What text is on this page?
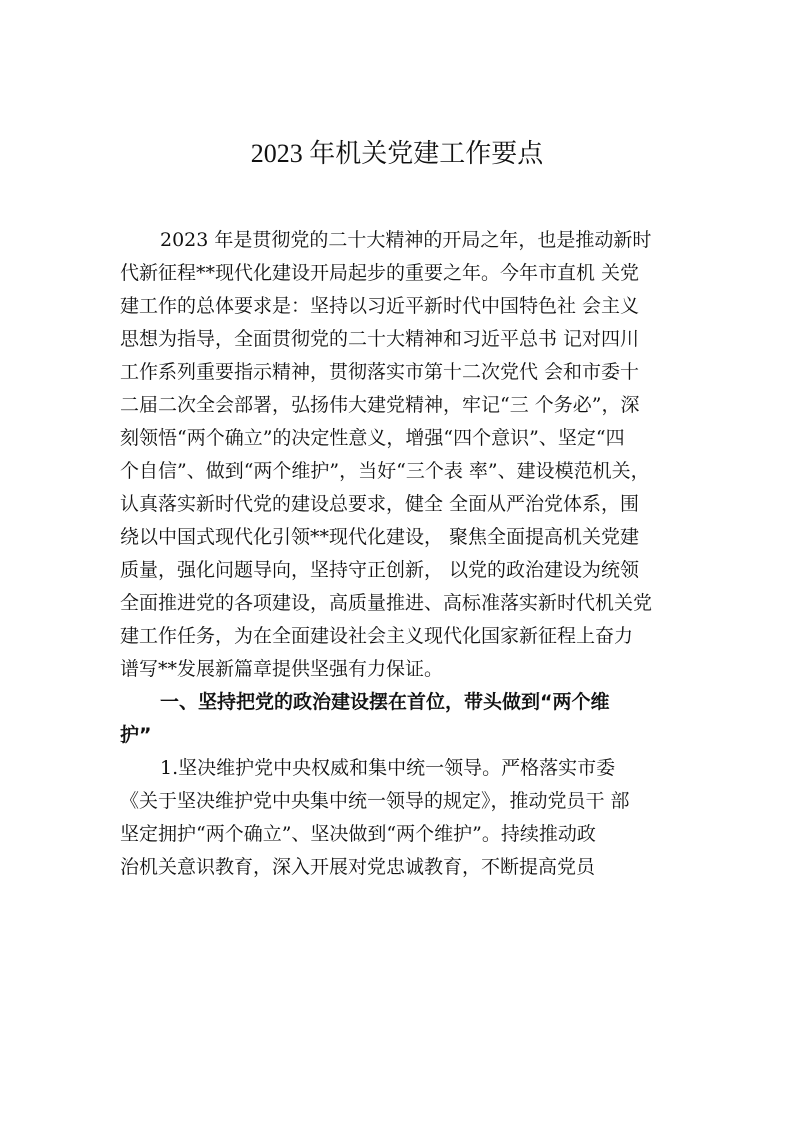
2023 年机关党建工作要点
2023 年是贯彻党的二十大精神的开局之年，也是推动新时
代新征程**现代化建设开局起步的重要之年。今年市直机 关党
建工作的总体要求是：坚持以习近平新时代中国特色社 会主义
思想为指导，全面贯彻党的二十大精神和习近平总书 记对四川
工作系列重要指示精神，贯彻落实市第十二次党代 会和市委十
二届二次全会部署，弘扬伟大建党精神，牢记“三 个务必”，深
刻领悟“两个确立”的决定性意义，增强“四个意识”、坚定“四
个自信”、做到“两个维护”，当好“三个表 率”、建设模范机关，
认真落实新时代党的建设总要求，健全 全面从严治党体系，围
绕以中国式现代化引领**现代化建设， 聚焦全面提高机关党建
质量，强化问题导向，坚持守正创新， 以党的政治建设为统领
全面推进党的各项建设，高质量推进、高标准落实新时代机关党
建工作任务，为在全面建设社会主义现代化国家新征程上奋力
谱写**发展新篇章提供坚强有力保证。
一、坚持把党的政治建设摆在首位，带头做到“两个维
护”
1.坚决维护党中央权威和集中统一领导。严格落实市委
《关于坚决维护党中央集中统一领导的规定》，推动党员干 部
坚定拥护“两个确立”、坚决做到“两个维护”。持续推动政
治机关意识教育，深入开展对党忠诚教育，不断提高党员
